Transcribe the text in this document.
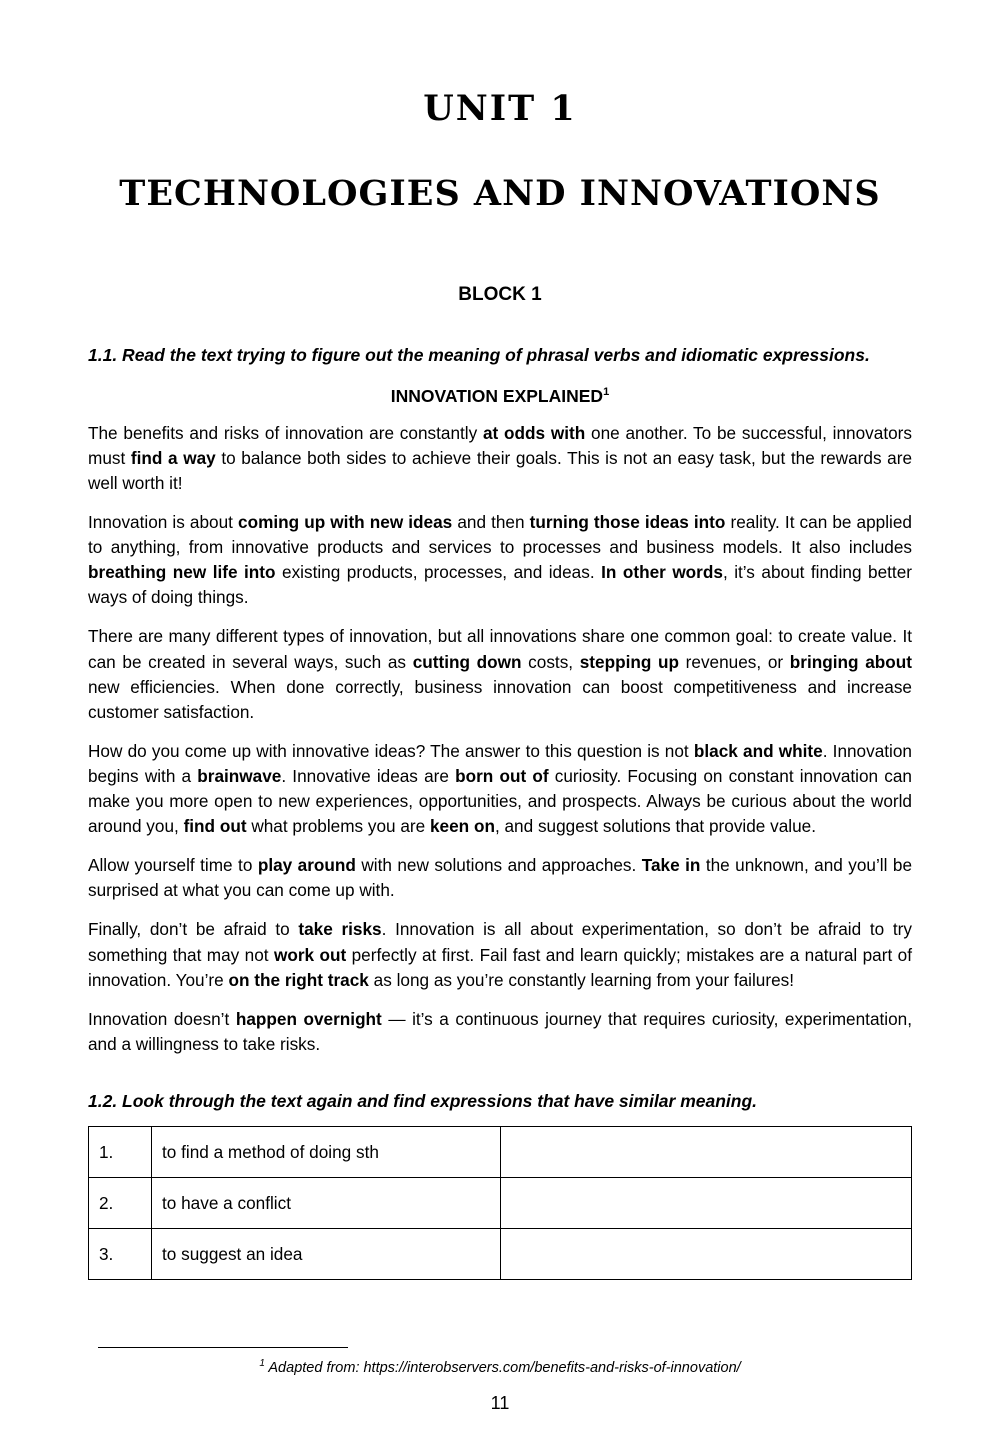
UNIT 1
TECHNOLOGIES AND INNOVATIONS
BLOCK 1

1.1. Read the text trying to figure out the meaning of phrasal verbs and idiomatic expressions.

INNOVATION EXPLAINED$^1$

The benefits and risks of innovation are constantly at odds with one another. To be successful, innovators must find a way to balance both sides to achieve their goals. This is not an easy task, but the rewards are well worth it!

Innovation is about coming up with new ideas and then turning those ideas into reality. It can be applied to anything, from innovative products and services to processes and business models. It also includes breathing new life into existing products, processes, and ideas. In other words, it’s about finding better ways of doing things.

There are many different types of innovation, but all innovations share one common goal: to create value. It can be created in several ways, such as cutting down costs, stepping up revenues, or bringing about new efficiencies. When done correctly, business innovation can boost competitiveness and increase customer satisfaction.

How do you come up with innovative ideas? The answer to this question is not black and white. Innovation begins with a brainwave. Innovative ideas are born out of curiosity. Focusing on constant innovation can make you more open to new experiences, opportunities, and prospects. Always be curious about the world around you, find out what problems you are keen on, and suggest solutions that provide value.

Allow yourself time to play around with new solutions and approaches. Take in the unknown, and you’ll be surprised at what you can come up with.

Finally, don’t be afraid to take risks. Innovation is all about experimentation, so don’t be afraid to try something that may not work out perfectly at first. Fail fast and learn quickly; mistakes are a natural part of innovation. You’re on the right track as long as you’re constantly learning from your failures!

Innovation doesn’t happen overnight — it’s a continuous journey that requires curiosity, experimentation, and a willingness to take risks.

1.2. Look through the text again and find expressions that have similar meaning.

1.	to find a method of doing sth	
2.	to have a conflict	
3.	to suggest an idea	

$^1$ Adapted from: https://interobservers.com/benefits-and-risks-of-innovation/

11
